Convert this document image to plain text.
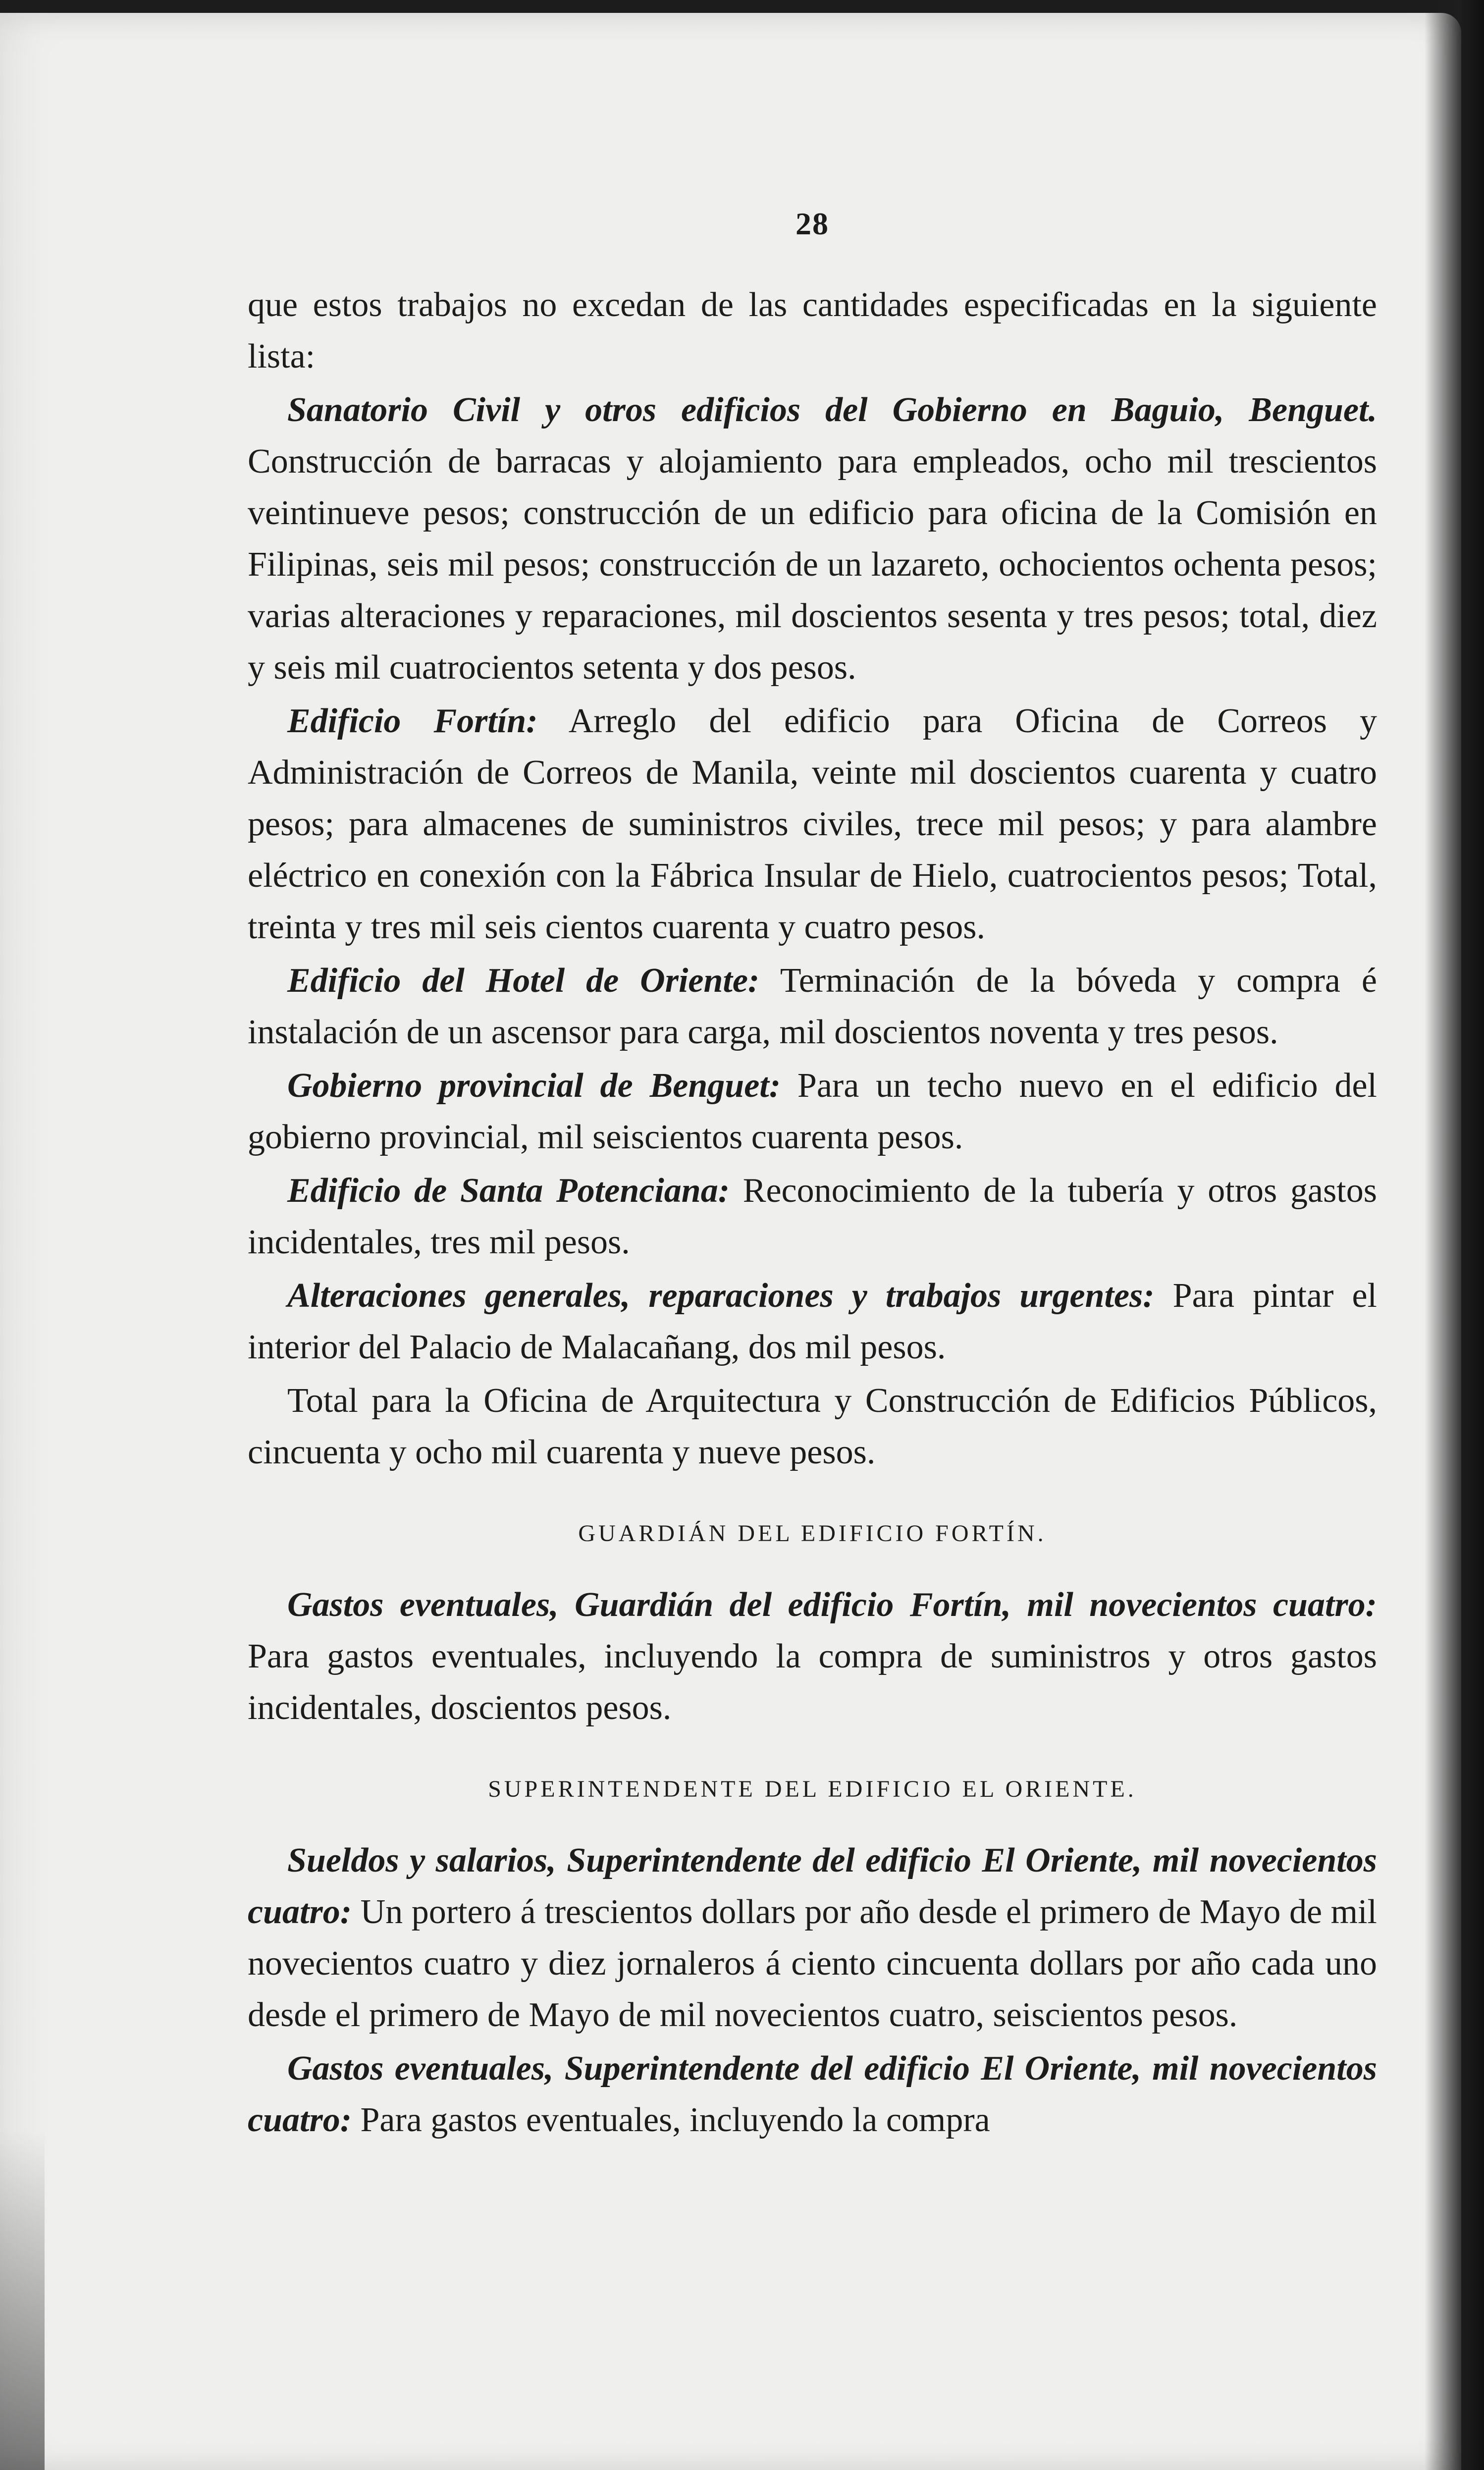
28

que estos trabajos no excedan de las cantidades especificadas en la siguiente lista:

Sanatorio Civil y otros edificios del Gobierno en Baguio, Benguet. Construcción de barracas y alojamiento para empleados, ocho mil trescientos veintinueve pesos; construcción de un edificio para oficina de la Comisión en Filipinas, seis mil pesos; construcción de un lazareto, ochocientos ochenta pesos; varias alteraciones y reparaciones, mil doscientos sesenta y tres pesos; total, diez y seis mil cuatrocientos setenta y dos pesos.

Edificio Fortín: Arreglo del edificio para Oficina de Correos y Administración de Correos de Manila, veinte mil doscientos cuarenta y cuatro pesos; para almacenes de suministros civiles, trece mil pesos; y para alambre eléctrico en conexión con la Fábrica Insular de Hielo, cuatrocientos pesos; Total, treinta y tres mil seis cientos cuarenta y cuatro pesos.

Edificio del Hotel de Oriente: Terminación de la bóveda y compra é instalación de un ascensor para carga, mil doscientos noventa y tres pesos.

Gobierno provincial de Benguet: Para un techo nuevo en el edificio del gobierno provincial, mil seiscientos cuarenta pesos.

Edificio de Santa Potenciana: Reconocimiento de la tubería y otros gastos incidentales, tres mil pesos.

Alteraciones generales, reparaciones y trabajos urgentes: Para pintar el interior del Palacio de Malacañang, dos mil pesos.

Total para la Oficina de Arquitectura y Construcción de Edificios Públicos, cincuenta y ocho mil cuarenta y nueve pesos.

GUARDIÁN DEL EDIFICIO FORTÍN.

Gastos eventuales, Guardián del edificio Fortín, mil novecientos cuatro: Para gastos eventuales, incluyendo la compra de suministros y otros gastos incidentales, doscientos pesos.

SUPERINTENDENTE DEL EDIFICIO EL ORIENTE.

Sueldos y salarios, Superintendente del edificio El Oriente, mil novecientos cuatro: Un portero á trescientos dollars por año desde el primero de Mayo de mil novecientos cuatro y diez jornaleros á ciento cincuenta dollars por año cada uno desde el primero de Mayo de mil novecientos cuatro, seiscientos pesos.

Gastos eventuales, Superintendente del edificio El Oriente, mil novecientos cuatro: Para gastos eventuales, incluyendo la compra
